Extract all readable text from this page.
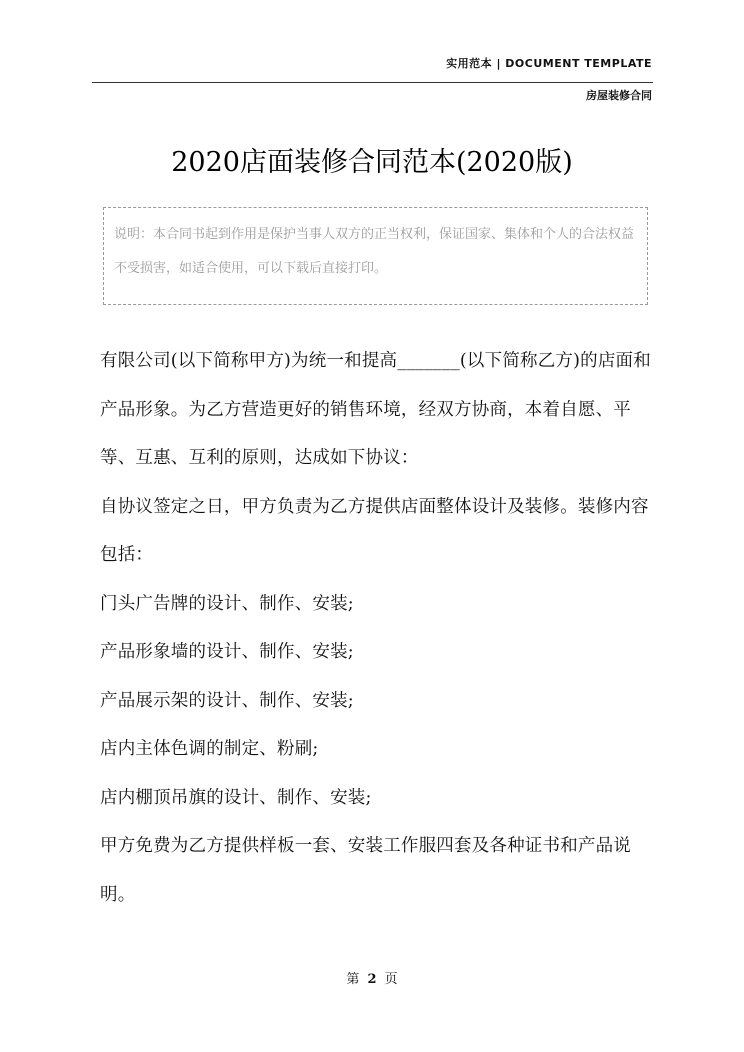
实用范本 | DOCUMENT TEMPLATE
房屋装修合同
2020店面装修合同范本(2020版)
说明：本合同书起到作用是保护当事人双方的正当权利，保证国家、集体和个人的合法权益不受损害，如适合使用，可以下载后直接打印。

有限公司(以下简称甲方)为统一和提高_______(以下简称乙方)的店面和产品形象。为乙方营造更好的销售环境，经双方协商，本着自愿、平等、互惠、互利的原则，达成如下协议：

自协议签定之日，甲方负责为乙方提供店面整体设计及装修。装修内容包括：

门头广告牌的设计、制作、安装;

产品形象墙的设计、制作、安装;

产品展示架的设计、制作、安装;

店内主体色调的制定、粉刷;

店内棚顶吊旗的设计、制作、安装;

甲方免费为乙方提供样板一套、安装工作服四套及各种证书和产品说明。

第 2 页
